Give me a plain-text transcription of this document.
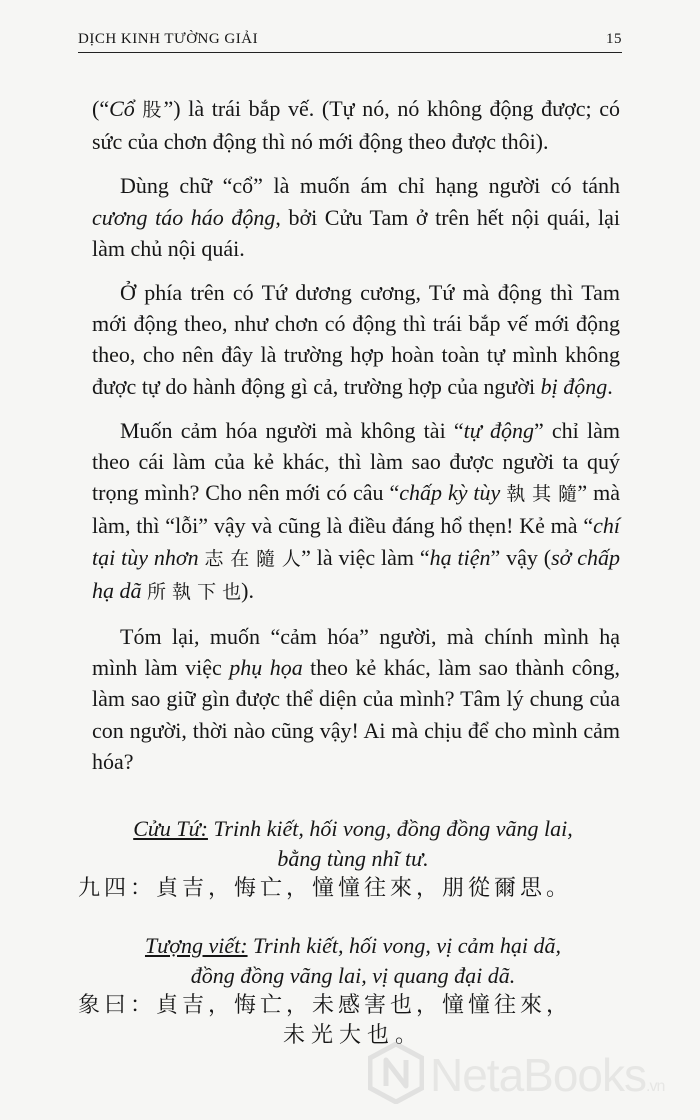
DỊCH KINH TƯỜNG GIẢI	15

(“Cổ 股”) là trái bắp vế. (Tự nó, nó không động được; có sức của chơn động thì nó mới động theo được thôi).

Dùng chữ “cổ” là muốn ám chỉ hạng người có tánh cương táo háo động, bởi Cửu Tam ở trên hết nội quái, lại làm chủ nội quái.

Ở phía trên có Tứ dương cương, Tứ mà động thì Tam mới động theo, như chơn có động thì trái bắp vế mới động theo, cho nên đây là trường hợp hoàn toàn tự mình không được tự do hành động gì cả, trường hợp của người bị động.

Muốn cảm hóa người mà không tài “tự động” chỉ làm theo cái làm của kẻ khác, thì làm sao được người ta quý trọng mình? Cho nên mới có câu “chấp kỳ tùy 執 其 隨” mà làm, thì “lỗi” vậy và cũng là điều đáng hổ thẹn! Kẻ mà “chí tại tùy nhơn 志 在 隨 人” là việc làm “hạ tiện” vậy (sở chấp hạ dã 所 執 下 也).

Tóm lại, muốn “cảm hóa” người, mà chính mình hạ mình làm việc phụ họa theo kẻ khác, làm sao thành công, làm sao giữ gìn được thể diện của mình? Tâm lý chung của con người, thời nào cũng vậy! Ai mà chịu để cho mình cảm hóa?

Cửu Tứ: Trinh kiết, hối vong, đồng đồng vãng lai,
bằng tùng nhĩ tư.
九四：貞吉，悔亡，憧憧往來，朋從爾思。
Tượng viết: Trinh kiết, hối vong, vị cảm hại dã,
đồng đồng vãng lai, vị quang đại dã.
象曰：貞吉，悔亡，未感害也，憧憧往來，
未光大也。
NetaBooks.vn
